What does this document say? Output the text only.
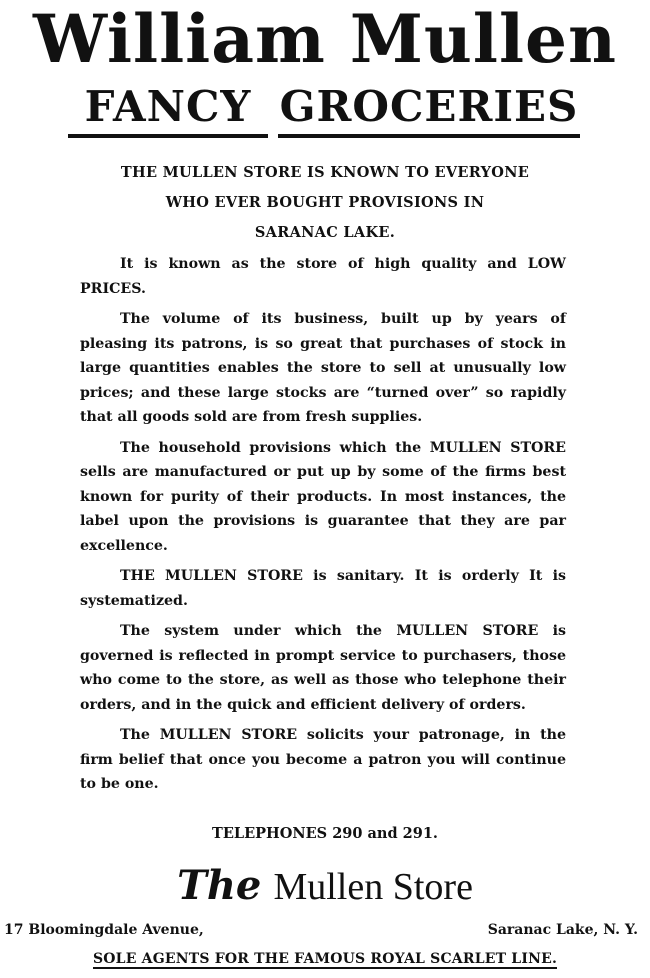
William Mullen
FANCY GROCERIES
THE MULLEN STORE IS KNOWN TO EVERYONE
WHO EVER BOUGHT PROVISIONS IN
SARANAC LAKE.

It is known as the store of high quality and LOW PRICES.

The volume of its business, built up by years of pleasing its patrons, is so great that purchases of stock in large quantities enables the store to sell at unusually low prices; and these large stocks are “turned over” so rapidly that all goods sold are from fresh supplies.

The household provisions which the MULLEN STORE sells are manufactured or put up by some of the firms best known for purity of their products. In most instances, the label upon the provisions is guarantee that they are par excellence.

THE MULLEN STORE is sanitary. It is orderly It is systematized.

The system under which the MULLEN STORE is governed is reflected in prompt service to purchasers, those who come to the store, as well as those who telephone their orders, and in the quick and efficient delivery of orders.

The MULLEN STORE solicits your patronage, in the firm belief that once you become a patron you will continue to be one.

TELEPHONES 290 and 291.
The Mullen Store
17 Bloomingdale Avenue,	Saranac Lake, N. Y.
SOLE AGENTS FOR THE FAMOUS ROYAL SCARLET LINE.
